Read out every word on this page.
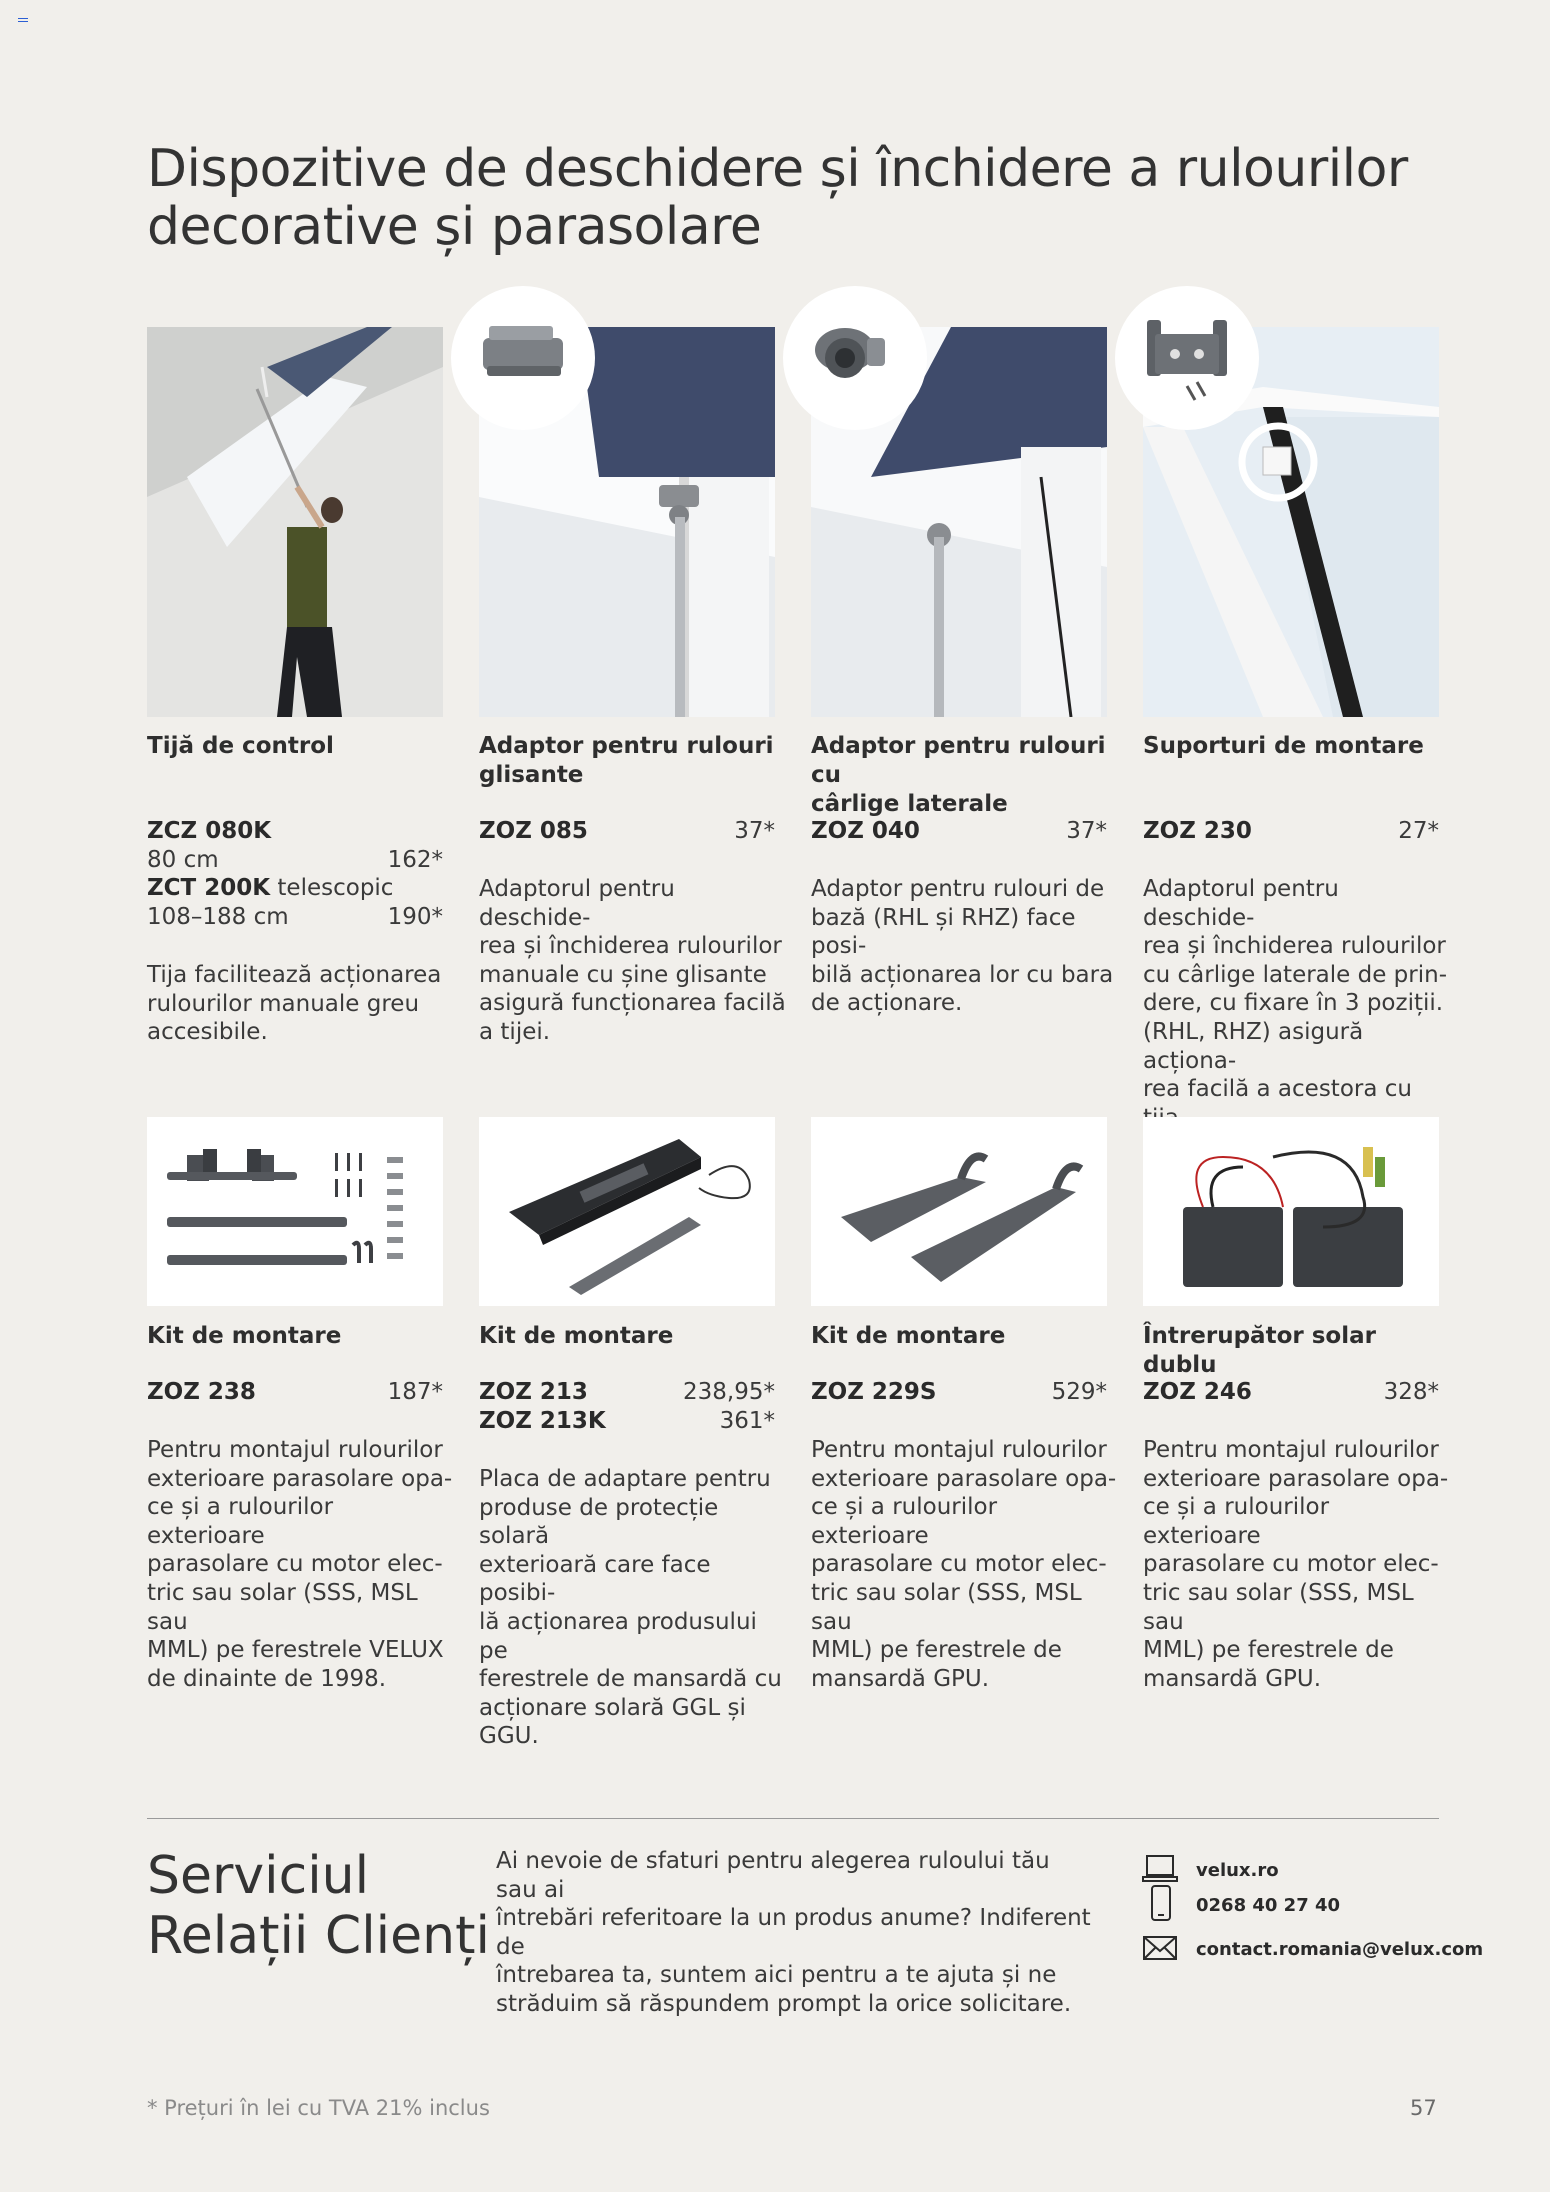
Dispozitive de deschidere și închidere a rulourilor
decorative și parasolare
Tijă de control
ZCZ 080K
80 cm	162*
ZCT 200K telescopic
108–188 cm	190*
Tija facilitează acționarea
rulourilor manuale greu
accesibile.
Adaptor pentru rulouri
glisante
ZOZ 085	37*
Adaptorul pentru deschide-
rea și închiderea rulourilor
manuale cu șine glisante
asigură funcționarea facilă
a tijei.
Adaptor pentru rulouri cu
cârlige laterale
ZOZ 040	37*
Adaptor pentru rulouri de
bază (RHL și RHZ) face posi-
bilă acționarea lor cu bara
de acționare.
Suporturi de montare
ZOZ 230	27*
Adaptorul pentru deschide-
rea și închiderea rulourilor
cu cârlige laterale de prin-
dere, cu fixare în 3 poziții.
(RHL, RHZ) asigură acționa-
rea facilă a acestora cu
Kit de montare
ZOZ 238	187*
Pentru montajul rulourilor
exterioare parasolare opa-
ce și a rulourilor exterioare
parasolare cu motor elec-
tric sau solar (SSS, MSL sau
MML) pe ferestrele VELUX
de dinainte de 1998.
Kit de montare
ZOZ 213	238,95*
ZOZ 213K	361*
Placa de adaptare pentru
produse de protecție solară
exterioară care face posibi-
lă acționarea produsului pe
ferestrele de mansardă cu
acționare solară GGL și GGU.
Kit de montare
ZOZ 229S	529*
Pentru montajul rulourilor
exterioare parasolare opa-
ce și a rulourilor exterioare
parasolare cu motor elec-
tric sau solar (SSS, MSL sau
MML) pe ferestrele de
mansardă GPU.
Întrerupător solar dublu
ZOZ 246	328*
Pentru montajul rulourilor
exterioare parasolare opa-
ce și a rulourilor exterioare
parasolare cu motor elec-
tric sau solar (SSS, MSL sau
MML) pe ferestrele de
mansardă GPU.
Serviciul
Relații Clienți
Ai nevoie de sfaturi pentru alegerea ruloului tău sau ai
întrebări referitoare la un produs anume? Indiferent de
întrebarea ta, suntem aici pentru a te ajuta și ne
străduim să răspundem prompt la orice solicitare.
velux.ro
0268 40 27 40
contact.romania@velux.com
* Prețuri în lei cu TVA 21% inclus	57
